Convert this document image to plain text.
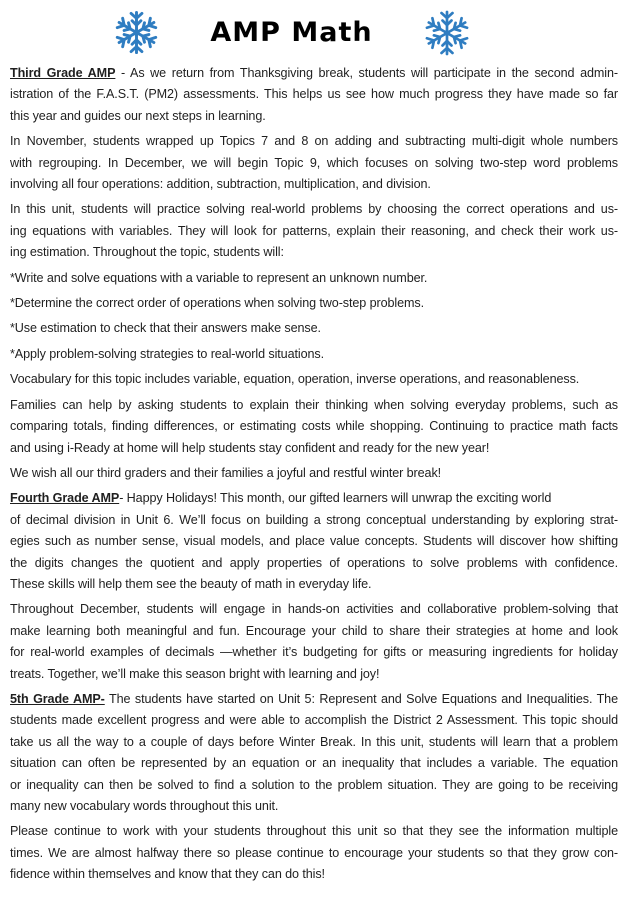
AMP Math

Third Grade AMP - As we return from Thanksgiving break, students will participate in the second admin-
istration of the F.A.S.T. (PM2) assessments. This helps us see how much progress they have made so far
this year and guides our next steps in learning.

In November, students wrapped up Topics 7 and 8 on adding and subtracting multi-digit whole numbers
with regrouping. In December, we will begin Topic 9, which focuses on solving two-step word problems
involving all four operations: addition, subtraction, multiplication, and division.

In this unit, students will practice solving real-world problems by choosing the correct operations and us-
ing equations with variables. They will look for patterns, explain their reasoning, and check their work us-
ing estimation. Throughout the topic, students will:

*Write and solve equations with a variable to represent an unknown number.

*Determine the correct order of operations when solving two-step problems.

*Use estimation to check that their answers make sense.

*Apply problem-solving strategies to real-world situations.

Vocabulary for this topic includes variable, equation, operation, inverse operations, and reasonableness.

Families can help by asking students to explain their thinking when solving everyday problems, such as
comparing totals, finding differences, or estimating costs while shopping. Continuing to practice math facts
and using i-Ready at home will help students stay confident and ready for the new year!

We wish all our third graders and their families a joyful and restful winter break!

Fourth Grade AMP- Happy Holidays! This month, our gifted learners will unwrap the exciting world
of decimal division in Unit 6. We’ll focus on building a strong conceptual understanding by exploring strat-
egies such as number sense, visual models, and place value concepts. Students will discover how shifting
the digits changes the quotient and apply properties of operations to solve problems with confidence.
These skills will help them see the beauty of math in everyday life.

Throughout December, students will engage in hands-on activities and collaborative problem-solving that
make learning both meaningful and fun. Encourage your child to share their strategies at home and look
for real-world examples of decimals —whether it’s budgeting for gifts or measuring ingredients for holiday
treats. Together, we’ll make this season bright with learning and joy!

5th Grade AMP- The students have started on Unit 5: Represent and Solve Equations and Inequalities. The
students made excellent progress and were able to accomplish the District 2 Assessment. This topic should
take us all the way to a couple of days before Winter Break. In this unit, students will learn that a problem
situation can often be represented by an equation or an inequality that includes a variable. The equation
or inequality can then be solved to find a solution to the problem situation. They are going to be receiving
many new vocabulary words throughout this unit.

Please continue to work with your students throughout this unit so that they see the information multiple
times. We are almost halfway there so please continue to encourage your students so that they grow con-
fidence within themselves and know that they can do this!
